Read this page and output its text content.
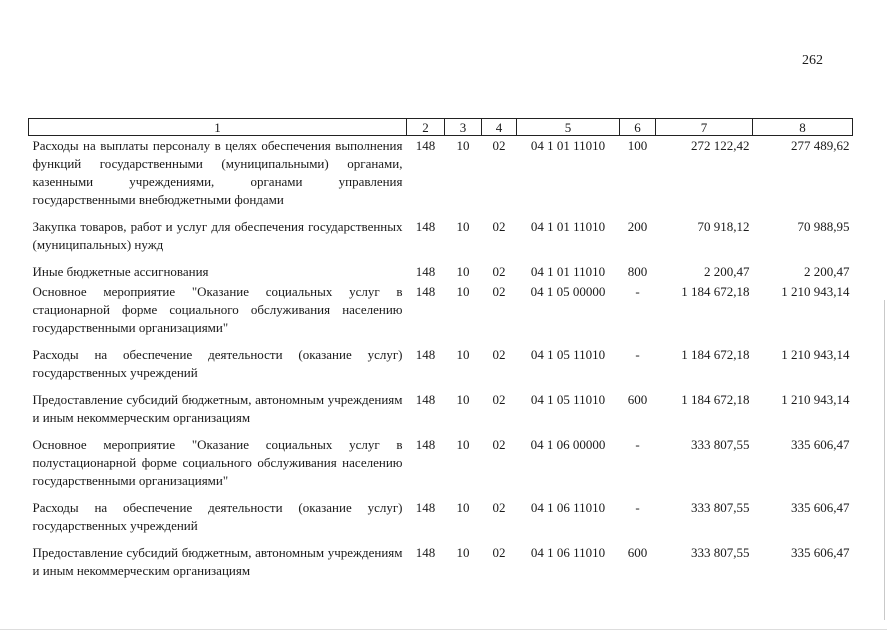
262
1	2	3	4	5	6	7	8
Расходы на выплаты персоналу в целях обеспечения выполнения функций государственными (муниципальными) органами, казенными учреждениями, органами управления государственными внебюджетными фондами	148	10	02	04 1 01 11010	100	272 122,42	277 489,62
Закупка товаров, работ и услуг для обеспечения государственных (муниципальных) нужд	148	10	02	04 1 01 11010	200	70 918,12	70 988,95
Иные бюджетные ассигнования	148	10	02	04 1 01 11010	800	2 200,47	2 200,47
Основное мероприятие "Оказание социальных услуг в стационарной форме социального обслуживания населению государственными организациями"	148	10	02	04 1 05 00000	-	1 184 672,18	1 210 943,14
Расходы на обеспечение деятельности (оказание услуг) государственных учреждений	148	10	02	04 1 05 11010	-	1 184 672,18	1 210 943,14
Предоставление субсидий бюджетным, автономным учреждениям и иным некоммерческим организациям	148	10	02	04 1 05 11010	600	1 184 672,18	1 210 943,14
Основное мероприятие "Оказание социальных услуг в полустационарной форме социального обслуживания населению государственными организациями"	148	10	02	04 1 06 00000	-	333 807,55	335 606,47
Расходы на обеспечение деятельности (оказание услуг) государственных учреждений	148	10	02	04 1 06 11010	-	333 807,55	335 606,47
Предоставление субсидий бюджетным, автономным учреждениям и иным некоммерческим организациям	148	10	02	04 1 06 11010	600	333 807,55	335 606,47
